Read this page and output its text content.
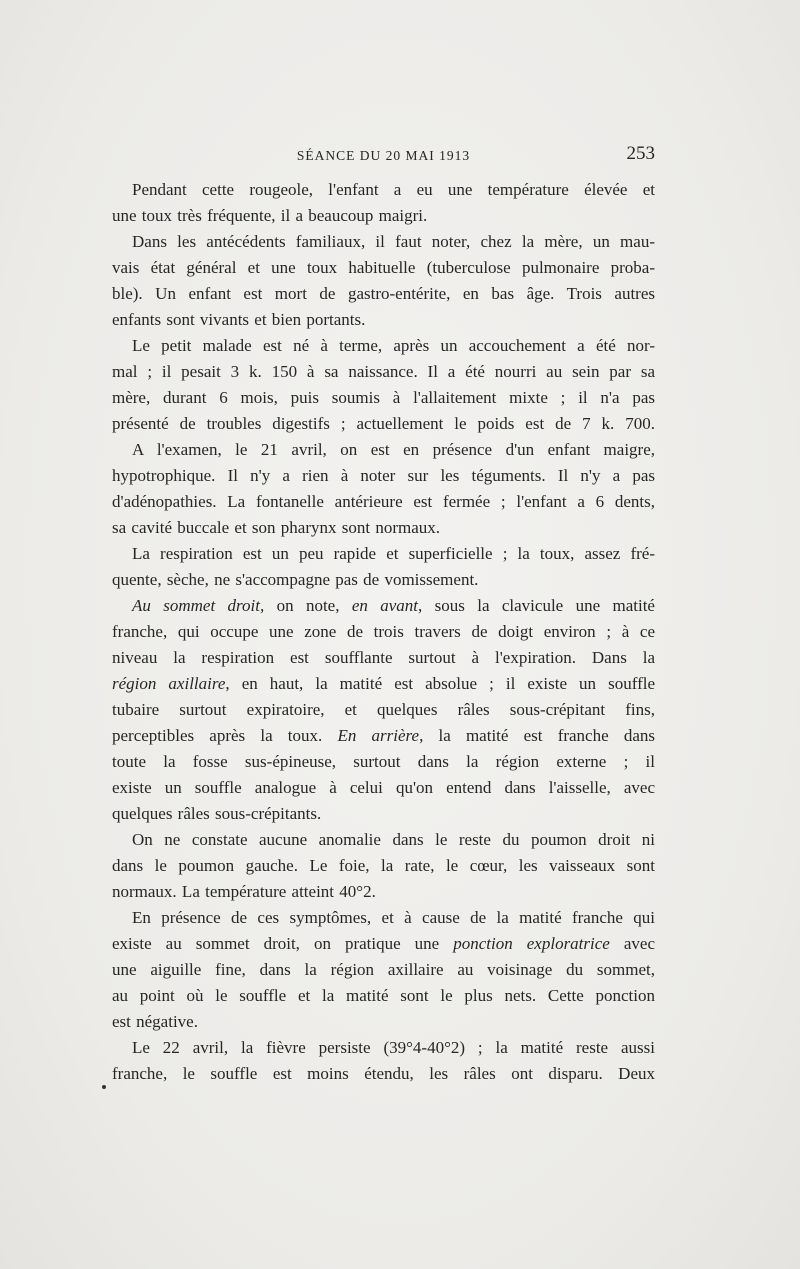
SÉANCE DU 20 MAI 1913	253
Pendant cette rougeole, l'enfant a eu une température élevée et
une toux très fréquente, il a beaucoup maigri.
Dans les antécédents familiaux, il faut noter, chez la mère, un mau-
vais état général et une toux habituelle (tuberculose pulmonaire proba-
ble). Un enfant est mort de gastro-entérite, en bas âge. Trois autres
enfants sont vivants et bien portants.
Le petit malade est né à terme, après un accouchement a été nor-
mal ; il pesait 3 k. 150 à sa naissance. Il a été nourri au sein par sa
mère, durant 6 mois, puis soumis à l'allaitement mixte ; il n'a pas
présenté de troubles digestifs ; actuellement le poids est de 7 k. 700.
A l'examen, le 21 avril, on est en présence d'un enfant maigre,
hypotrophique. Il n'y a rien à noter sur les téguments. Il n'y a pas
d'adénopathies. La fontanelle antérieure est fermée ; l'enfant a 6 dents,
sa cavité buccale et son pharynx sont normaux.
La respiration est un peu rapide et superficielle ; la toux, assez fré-
quente, sèche, ne s'accompagne pas de vomissement.
Au sommet droit, on note, en avant, sous la clavicule une matité
franche, qui occupe une zone de trois travers de doigt environ ; à ce
niveau la respiration est soufflante surtout à l'expiration. Dans la
région axillaire, en haut, la matité est absolue ; il existe un souffle
tubaire surtout expiratoire, et quelques râles sous-crépitant fins,
perceptibles après la toux. En arrière, la matité est franche dans
toute la fosse sus-épineuse, surtout dans la région externe ; il
existe un souffle analogue à celui qu'on entend dans l'aisselle, avec
quelques râles sous-crépitants.
On ne constate aucune anomalie dans le reste du poumon droit ni
dans le poumon gauche. Le foie, la rate, le cœur, les vaisseaux sont
normaux. La température atteint 40°2.
En présence de ces symptômes, et à cause de la matité franche qui
existe au sommet droit, on pratique une ponction exploratrice avec
une aiguille fine, dans la région axillaire au voisinage du sommet,
au point où le souffle et la matité sont le plus nets. Cette ponction
est négative.
Le 22 avril, la fièvre persiste (39°4-40°2) ; la matité reste aussi
franche, le souffle est moins étendu, les râles ont disparu. Deux
